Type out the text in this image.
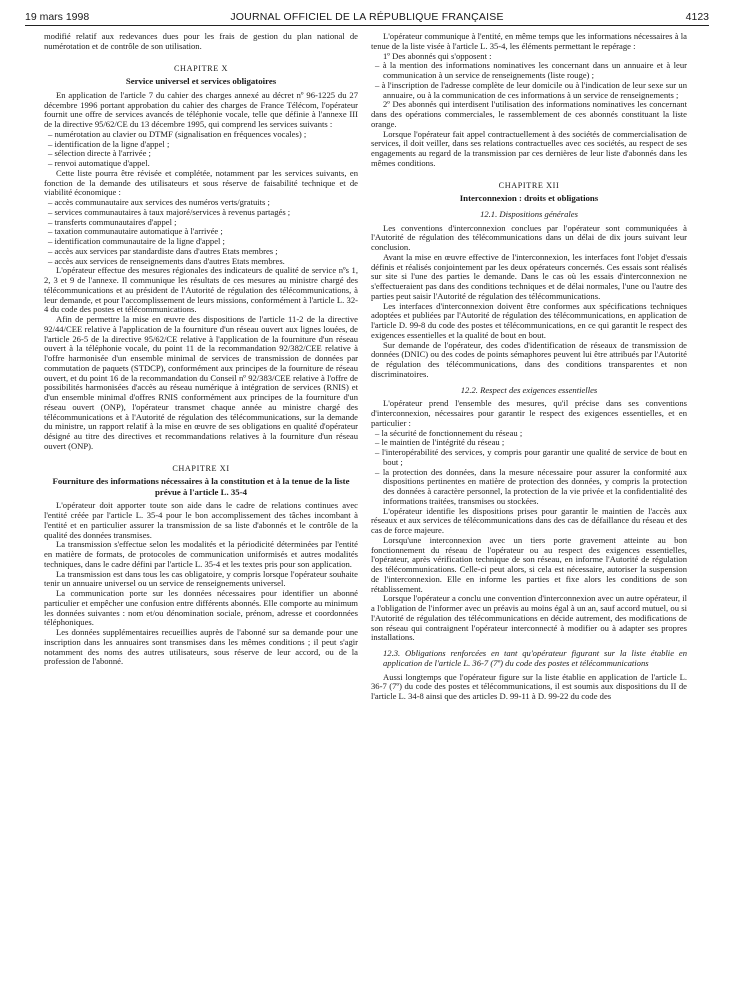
19 mars 1998	JOURNAL OFFICIEL DE LA RÉPUBLIQUE FRANÇAISE	4123

modifié relatif aux redevances dues pour les frais de gestion du plan national de numérotation et de contrôle de son utilisation.

CHAPITRE X
Service universel et services obligatoires

En application de l'article 7 du cahier des charges annexé au décret nº 96-1225 du 27 décembre 1996 portant approbation du cahier des charges de France Télécom, l'opérateur fournit une offre de services avancés de téléphonie vocale, telle que définie à l'annexe III de la directive 95/62/CE du 13 décembre 1995, qui comprend les services suivants :

– numérotation au clavier ou DTMF (signalisation en fréquences vocales) ;
– identification de la ligne d'appel ;
– sélection directe à l'arrivée ;
– renvoi automatique d'appel.

Cette liste pourra être révisée et complétée, notamment par les services suivants, en fonction de la demande des utilisateurs et sous réserve de faisabilité technique et de viabilité économique :

– accès communautaire aux services des numéros verts/gratuits ;
– services communautaires à taux majoré/services à revenus partagés ;
– transferts communautaires d'appel ;
– taxation communautaire automatique à l'arrivée ;
– identification communautaire de la ligne d'appel ;
– accès aux services par standardiste dans d'autres Etats membres ;
– accès aux services de renseignements dans d'autres Etats membres.

L'opérateur effectue des mesures régionales des indicateurs de qualité de service nºs 1, 2, 3 et 9 de l'annexe. Il communique les résultats de ces mesures au ministre chargé des télécommunications et au président de l'Autorité de régulation des télécommunications, à leur demande, et pour l'accomplissement de leurs missions, conformément à l'article L. 32-4 du code des postes et télécommunications.

Afin de permettre la mise en œuvre des dispositions de l'article 11-2 de la directive 92/44/CEE relative à l'application de la fourniture d'un réseau ouvert aux lignes louées, de l'article 26-5 de la directive 95/62/CE relative à l'application de la fourniture d'un réseau ouvert à la téléphonie vocale, du point 11 de la recommandation 92/382/CEE relative à l'offre harmonisée d'un ensemble minimal de services de transmission de données par commutation de paquets (STDCP), conformément aux principes de la fourniture de réseau ouvert, et du point 16 de la recommandation du Conseil nº 92/383/CEE relative à l'offre de possibilités harmonisées d'accès au réseau numérique à intégration de services (RNIS) et d'un ensemble minimal d'offres RNIS conformément aux principes de la fourniture d'un réseau ouvert (ONP), l'opérateur transmet chaque année au ministre chargé des télécommunications et à l'Autorité de régulation des télécommunications, sur la demande du ministre, un rapport relatif à la mise en œuvre de ses obligations en qualité d'opérateur désigné au titre des directives et recommandations relatives à la fourniture d'un réseau ouvert (ONP).

CHAPITRE XI
Fourniture des informations nécessaires à la constitution et à la tenue de la liste prévue à l'article L. 35-4

L'opérateur doit apporter toute son aide dans le cadre de relations continues avec l'entité créée par l'article L. 35-4 pour le bon accomplissement des tâches incombant à l'entité et en particulier assurer la transmission de sa liste d'abonnés et le contrôle de la qualité des données transmises.

La transmission s'effectue selon les modalités et la périodicité déterminées par l'entité en matière de formats, de protocoles de communication uniformisés et autres modalités techniques, dans le cadre défini par l'article L. 35-4 et les textes pris pour son application.

La transmission est dans tous les cas obligatoire, y compris lorsque l'opérateur souhaite tenir un annuaire universel ou un service de renseignements universel.

La communication porte sur les données nécessaires pour identifier un abonné particulier et empêcher une confusion entre différents abonnés. Elle comporte au minimum les données suivantes : nom et/ou dénomination sociale, prénom, adresse et coordonnées téléphoniques.

Les données supplémentaires recueillies auprès de l'abonné sur sa demande pour une inscription dans les annuaires sont transmises dans les mêmes conditions ; il peut s'agir notamment des noms des autres utilisateurs, sous réserve de leur accord, ou de la profession de l'abonné.

L'opérateur communique à l'entité, en même temps que les informations nécessaires à la tenue de la liste visée à l'article L. 35-4, les éléments permettant le repérage :

1º Des abonnés qui s'opposent :

– à la mention des informations nominatives les concernant dans un annuaire et à leur communication à un service de renseignements (liste rouge) ;
– à l'inscription de l'adresse complète de leur domicile ou à l'indication de leur sexe sur un annuaire, ou à la communication de ces informations à un service de renseignements ;

2º Des abonnés qui interdisent l'utilisation des informations nominatives les concernant dans des opérations commerciales, le rassemblement de ces abonnés constituant la liste orange.

Lorsque l'opérateur fait appel contractuellement à des sociétés de commercialisation de services, il doit veiller, dans ses relations contractuelles avec ces sociétés, au respect de ses engagements au regard de la transmission par ces dernières de leur liste d'abonnés dans les mêmes conditions.

CHAPITRE XII
Interconnexion : droits et obligations
12.1. Dispositions générales

Les conventions d'interconnexion conclues par l'opérateur sont communiquées à l'Autorité de régulation des télécommunications dans un délai de dix jours suivant leur conclusion.

Avant la mise en œuvre effective de l'interconnexion, les interfaces font l'objet d'essais définis et réalisés conjointement par les deux opérateurs concernés. Ces essais sont réalisés sur site si l'une des parties le demande. Dans le cas où les essais d'interconnexion ne s'effectueraient pas dans des conditions techniques et de délai normales, l'une ou l'autre des parties peut saisir l'Autorité de régulation des télécommunications.

Les interfaces d'interconnexion doivent être conformes aux spécifications techniques adoptées et publiées par l'Autorité de régulation des télécommunications, en application de l'article D. 99-8 du code des postes et télécommunications, en ce qui garantit le respect des exigences essentielles et la qualité de bout en bout.

Sur demande de l'opérateur, des codes d'identification de réseaux de transmission de données (DNIC) ou des codes de points sémaphores peuvent lui être attribués par l'Autorité de régulation des télécommunications, dans des conditions transparentes et non discriminatoires.

12.2. Respect des exigences essentielles

L'opérateur prend l'ensemble des mesures, qu'il précise dans ses conventions d'interconnexion, nécessaires pour garantir le respect des exigences essentielles, et en particulier :

– la sécurité de fonctionnement du réseau ;
– le maintien de l'intégrité du réseau ;
– l'interopérabilité des services, y compris pour garantir une qualité de service de bout en bout ;
– la protection des données, dans la mesure nécessaire pour assurer la conformité aux dispositions pertinentes en matière de protection des données, y compris la protection des données à caractère personnel, la protection de la vie privée et la confidentialité des informations traitées, transmises ou stockées.

L'opérateur identifie les dispositions prises pour garantir le maintien de l'accès aux réseaux et aux services de télécommunications dans des cas de défaillance du réseau et des cas de force majeure.

Lorsqu'une interconnexion avec un tiers porte gravement atteinte au bon fonctionnement du réseau de l'opérateur ou au respect des exigences essentielles, l'opérateur, après vérification technique de son réseau, en informe l'Autorité de régulation des télécommunications. Celle-ci peut alors, si cela est nécessaire, autoriser la suspension de l'interconnexion. Elle en informe les parties et fixe alors les conditions de son rétablissement.

Lorsque l'opérateur a conclu une convention d'interconnexion avec un autre opérateur, il a l'obligation de l'informer avec un préavis au moins égal à un an, sauf accord mutuel, ou si l'Autorité de régulation des télécommunications en décide autrement, des modifications de son réseau qui contraignent l'opérateur interconnecté à modifier ou à adapter ses propres installations.

12.3. Obligations renforcées en tant qu'opérateur figurant sur la liste établie en application de l'article L. 36-7 (7º) du code des postes et télécommunications

Aussi longtemps que l'opérateur figure sur la liste établie en application de l'article L. 36-7 (7º) du code des postes et télécommunications, il est soumis aux dispositions du II de l'article L. 34-8 ainsi que des articles D. 99-11 à D. 99-22 du code des
